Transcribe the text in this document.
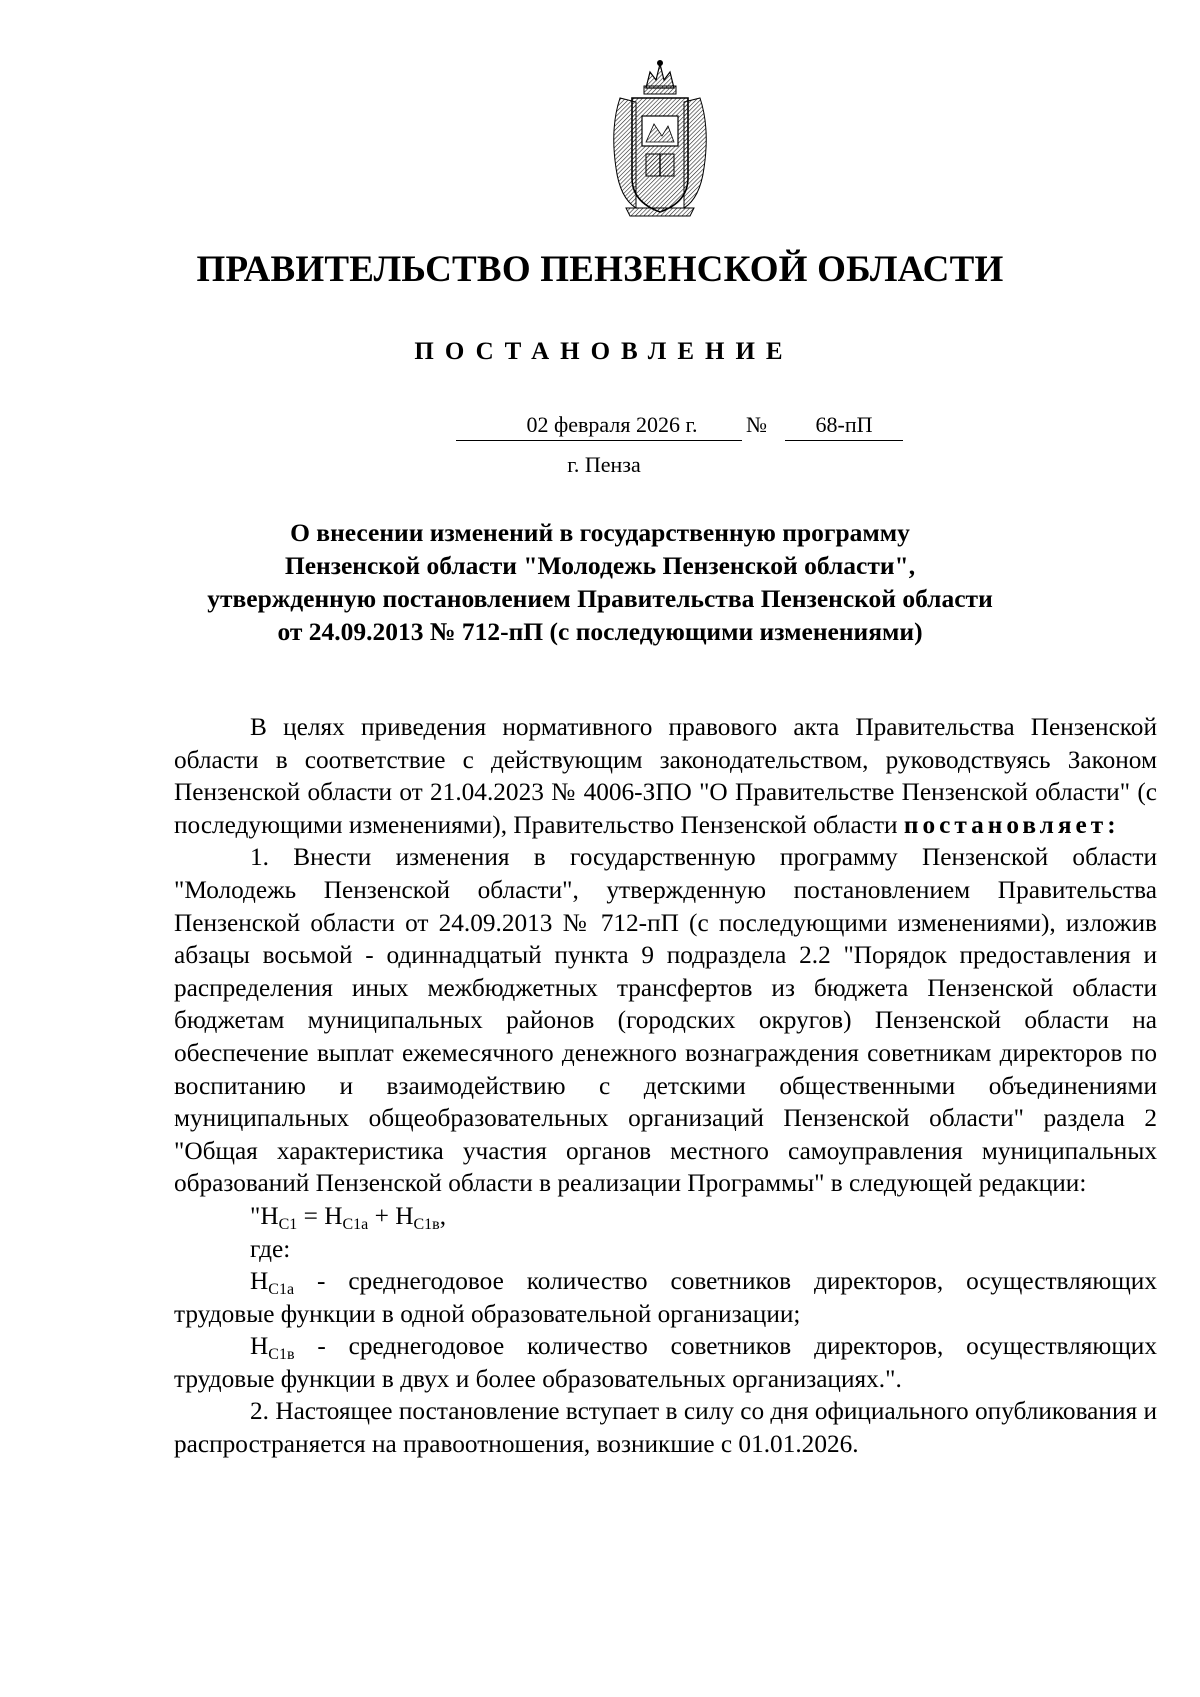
ПРАВИТЕЛЬСТВО ПЕНЗЕНСКОЙ ОБЛАСТИ
ПОСТАНОВЛЕНИЕ
02 февраля 2026 г.	№	68-пП
г. Пенза
О внесении изменений в государственную программу
Пензенской области "Молодежь Пензенской области",
утвержденную постановлением Правительства Пензенской области
от 24.09.2013 № 712-пП (с последующими изменениями)

В целях приведения нормативного правового акта Правительства Пензенской области в соответствие с действующим законодательством, руководствуясь Законом Пензенской области от 21.04.2023 № 4006-ЗПО "О Правительстве Пензенской области" (с последующими изменениями), Правительство Пензенской области постановляет:

1. Внести изменения в государственную программу Пензенской области "Молодежь Пензенской области", утвержденную постановлением Правительства Пензенской области от 24.09.2013 № 712-пП (с последующими изменениями), изложив абзацы восьмой - одиннадцатый пункта 9 подраздела 2.2 "Порядок предоставления и распределения иных межбюджетных трансфертов из бюджета Пензенской области бюджетам муниципальных районов (городских округов) Пензенской области на обеспечение выплат ежемесячного денежного вознаграждения советникам директоров по воспитанию и взаимодействию с детскими общественными объединениями муниципальных общеобразовательных организаций Пензенской области" раздела 2 "Общая характеристика участия органов местного самоуправления муниципальных образований Пензенской области в реализации Программы" в следующей редакции:

"$Н_{С1} = Н_{С1а} + Н_{С1в}$,

где:

$Н_{С1а}$ - среднегодовое количество советников директоров, осуществляющих трудовые функции в одной образовательной организации;

$Н_{С1в}$ - среднегодовое количество советников директоров, осуществляющих трудовые функции в двух и более образовательных организациях.".

2. Настоящее постановление вступает в силу со дня официального опубликования и распространяется на правоотношения, возникшие с 01.01.2026.
